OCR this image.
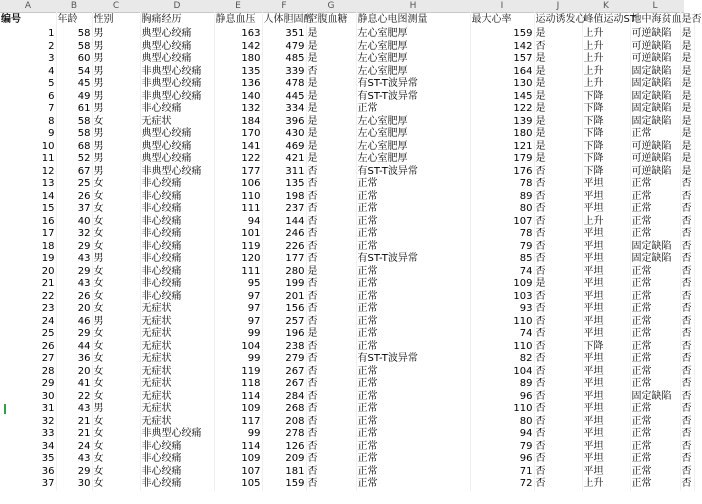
A	B	C	D	E	F	G	H	I	J	K	L
编号	年龄	性别	胸痛经历	静息血压	人体胆固醇	空腹血糖	静息心电图测量	最大心率	运动诱发心	峰值运动ST	地中海贫血	是否
1	58	男	典型心绞痛	163	351	是	左心室肥厚	159	是	上升	可逆缺陷	是
2	58	男	典型心绞痛	142	479	是	左心室肥厚	142	否	上升	可逆缺陷	是
3	60	男	典型心绞痛	180	485	是	左心室肥厚	157	是	上升	可逆缺陷	是
4	54	男	非典型心绞痛	135	339	否	左心室肥厚	164	是	上升	固定缺陷	是
5	45	男	非典型心绞痛	136	478	是	有ST-T波异常	130	是	上升	固定缺陷	是
6	49	男	非典型心绞痛	140	445	是	有ST-T波异常	145	是	下降	固定缺陷	是
7	61	男	非心绞痛	132	334	是	正常	122	是	下降	固定缺陷	是
8	58	女	无症状	184	396	是	左心室肥厚	139	是	下降	固定缺陷	是
9	58	男	典型心绞痛	170	430	是	左心室肥厚	180	是	下降	正常	是
10	68	男	典型心绞痛	141	469	是	左心室肥厚	121	是	下降	可逆缺陷	是
11	52	男	典型心绞痛	122	421	是	左心室肥厚	179	是	下降	可逆缺陷	是
12	67	男	非典型心绞痛	177	311	否	有ST-T波异常	176	否	下降	可逆缺陷	是
13	25	女	非心绞痛	106	135	否	正常	78	否	平坦	正常	否
14	26	女	非心绞痛	110	198	否	正常	89	否	平坦	正常	否
15	37	女	非心绞痛	111	237	否	正常	80	否	平坦	正常	否
16	40	女	非心绞痛	94	144	否	正常	107	否	上升	正常	否
17	32	女	非心绞痛	101	246	否	正常	78	否	平坦	正常	否
18	29	女	非心绞痛	119	226	否	正常	79	否	平坦	固定缺陷	否
19	43	男	非心绞痛	120	177	否	有ST-T波异常	85	否	平坦	固定缺陷	否
20	29	女	非心绞痛	111	280	是	正常	74	否	平坦	正常	否
21	43	女	非心绞痛	95	199	否	正常	109	是	平坦	正常	否
22	26	女	非心绞痛	97	201	否	正常	103	否	平坦	正常	否
23	20	女	无症状	97	156	否	正常	93	否	平坦	正常	否
24	46	男	无症状	97	257	否	正常	110	否	平坦	正常	否
25	29	女	无症状	99	196	是	正常	74	否	平坦	正常	否
26	44	女	无症状	104	238	否	正常	110	否	下降	正常	否
27	36	女	无症状	99	279	否	有ST-T波异常	82	否	平坦	正常	否
28	20	女	无症状	119	267	否	正常	104	否	平坦	正常	否
29	41	女	无症状	118	267	否	正常	89	否	平坦	正常	否
30	22	女	无症状	114	284	否	正常	96	否	平坦	固定缺陷	否
31	43	男	无症状	109	268	否	正常	110	否	平坦	正常	否
32	21	女	无症状	117	208	否	正常	80	否	平坦	正常	否
33	21	女	非典型心绞痛	99	278	否	正常	94	否	平坦	正常	否
34	24	女	非心绞痛	114	126	否	正常	79	否	平坦	正常	否
35	43	女	非心绞痛	109	209	否	正常	96	否	平坦	正常	否
36	29	女	非心绞痛	107	181	否	正常	71	否	平坦	正常	否
37	30	女	非心绞痛	105	159	否	正常	72	否	上升	正常	否
